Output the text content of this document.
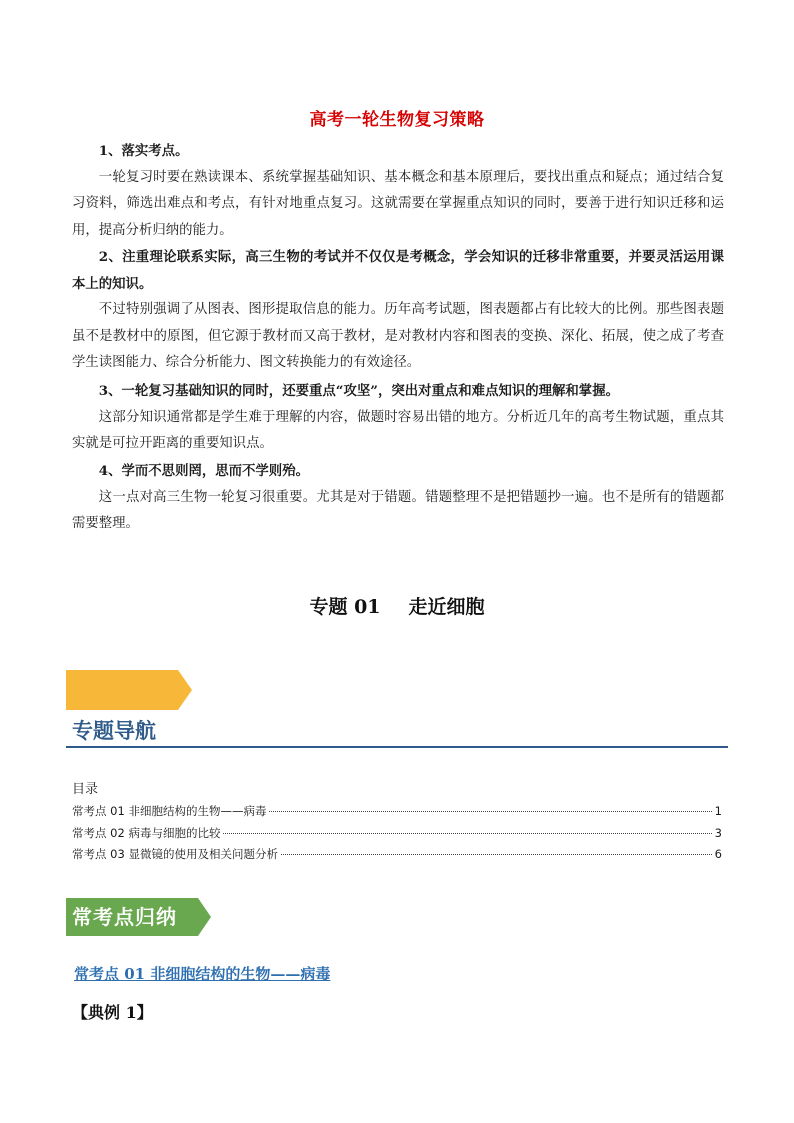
高考一轮生物复习策略

1、落实考点。

一轮复习时要在熟读课本、系统掌握基础知识、基本概念和基本原理后，要找出重点和疑点；通过结合复习资料，筛选出难点和考点，有针对地重点复习。这就需要在掌握重点知识的同时，要善于进行知识迁移和运用，提高分析归纳的能力。

2、注重理论联系实际，高三生物的考试并不仅仅是考概念，学会知识的迁移非常重要，并要灵活运用课本上的知识。

不过特别强调了从图表、图形提取信息的能力。历年高考试题，图表题都占有比较大的比例。那些图表题虽不是教材中的原图，但它源于教材而又高于教材，是对教材内容和图表的变换、深化、拓展，使之成了考查学生读图能力、综合分析能力、图文转换能力的有效途径。

3、一轮复习基础知识的同时，还要重点“攻坚”，突出对重点和难点知识的理解和掌握。

这部分知识通常都是学生难于理解的内容，做题时容易出错的地方。分析近几年的高考生物试题，重点其实就是可拉开距离的重要知识点。

4、学而不思则罔，思而不学则殆。

这一点对高三生物一轮复习很重要。尤其是对于错题。错题整理不是把错题抄一遍。也不是所有的错题都需要整理。

专题 01 走近细胞
专题导航
目录
常考点 01 非细胞结构的生物——病毒	1
常考点 02 病毒与细胞的比较	3
常考点 03 显微镜的使用及相关问题分析	6
常考点归纳
常考点 01 非细胞结构的生物——病毒
【典例 1】
